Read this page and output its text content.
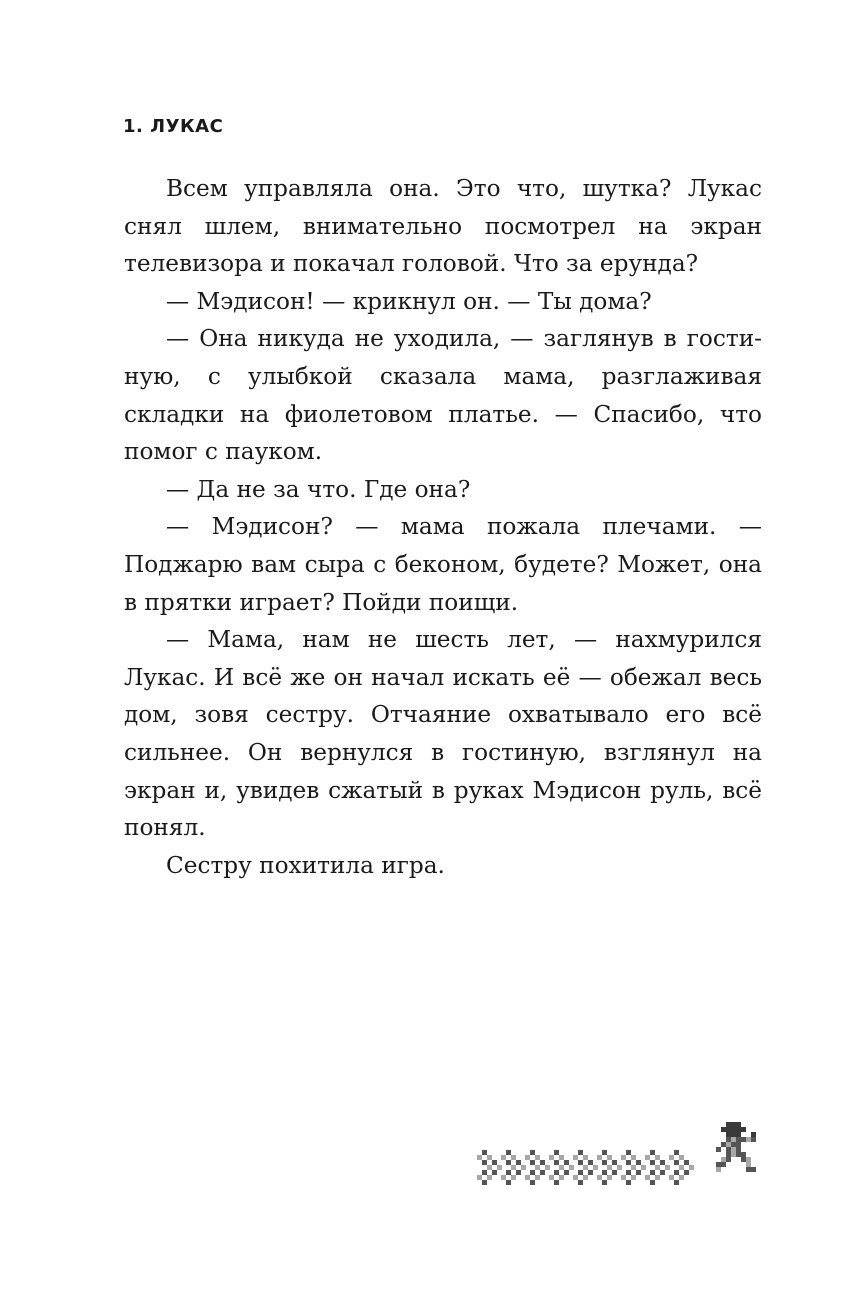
1. ЛУКАС

Всем управляла она. Это что, шутка? Лукас снял шлем, внимательно посмотрел на экран телевизора и покачал головой. Что за ерунда?

— Мэдисон! — крикнул он. — Ты дома?

— Она никуда не уходила, — заглянув в гостиную, с улыбкой сказала мама, разглаживая складки на фиолетовом платье. — Спасибо, что помог с пауком.

— Да не за что. Где она?

— Мэдисон? — мама пожала плечами. — Поджарю вам сыра с беконом, будете? Может, она в прятки играет? Пойди поищи.

— Мама, нам не шесть лет, — нахмурился Лукас. И всё же он начал искать её — обежал весь дом, зовя сестру. Отчаяние охватывало его всё сильнее. Он вернулся в гостиную, взглянул на экран и, увидев сжатый в руках Мэдисон руль, всё понял.

Сестру похитила игра.
